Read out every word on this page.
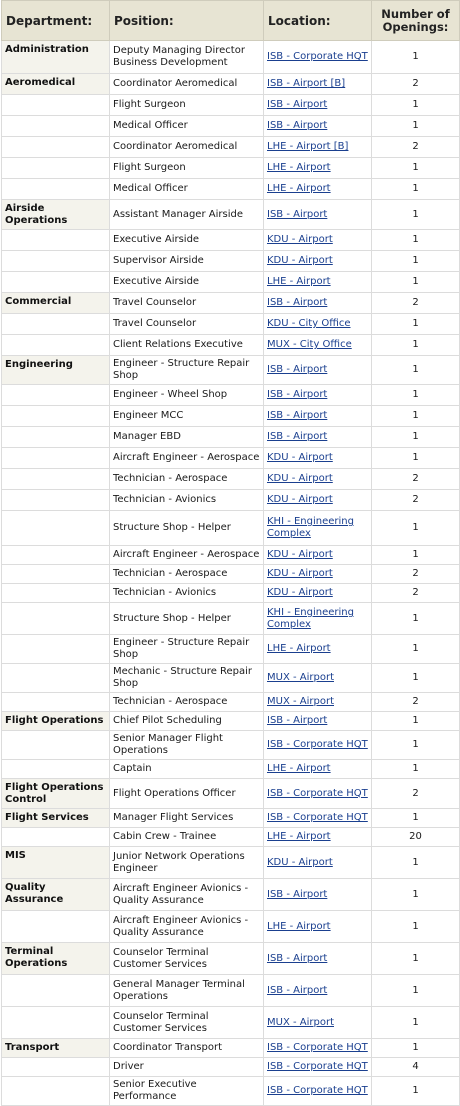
Department:	Position:	Location:	Number of Openings:
Administration	Deputy Managing Director Business Development	ISB - Corporate HQT	1
Aeromedical	Coordinator Aeromedical	ISB - Airport [B]	2
	Flight Surgeon	ISB - Airport	1
	Medical Officer	ISB - Airport	1
	Coordinator Aeromedical	LHE - Airport [B]	2
	Flight Surgeon	LHE - Airport	1
	Medical Officer	LHE - Airport	1
Airside Operations	Assistant Manager Airside	ISB - Airport	1
	Executive Airside	KDU - Airport	1
	Supervisor Airside	KDU - Airport	1
	Executive Airside	LHE - Airport	1
Commercial	Travel Counselor	ISB - Airport	2
	Travel Counselor	KDU - City Office	1
	Client Relations Executive	MUX - City Office	1
Engineering	Engineer - Structure Repair Shop	ISB - Airport	1
	Engineer - Wheel Shop	ISB - Airport	1
	Engineer MCC	ISB - Airport	1
	Manager EBD	ISB - Airport	1
	Aircraft Engineer - Aerospace	KDU - Airport	1
	Technician - Aerospace	KDU - Airport	2
	Technician - Avionics	KDU - Airport	2
	Structure Shop - Helper	KHI - Engineering Complex	1
	Aircraft Engineer - Aerospace	KDU - Airport	1
	Technician - Aerospace	KDU - Airport	2
	Technician - Avionics	KDU - Airport	2
	Structure Shop - Helper	KHI - Engineering Complex	1
	Engineer - Structure Repair Shop	LHE - Airport	1
	Mechanic - Structure Repair Shop	MUX - Airport	1
	Technician - Aerospace	MUX - Airport	2
Flight Operations	Chief Pilot Scheduling	ISB - Airport	1
	Senior Manager Flight Operations	ISB - Corporate HQT	1
	Captain	LHE - Airport	1
Flight Operations Control	Flight Operations Officer	ISB - Corporate HQT	2
Flight Services	Manager Flight Services	ISB - Corporate HQT	1
	Cabin Crew - Trainee	LHE - Airport	20
MIS	Junior Network Operations Engineer	KDU - Airport	1
Quality Assurance	Aircraft Engineer Avionics - Quality Assurance	ISB - Airport	1
	Aircraft Engineer Avionics - Quality Assurance	LHE - Airport	1
Terminal Operations	Counselor Terminal Customer Services	ISB - Airport	1
	General Manager Terminal Operations	ISB - Airport	1
	Counselor Terminal Customer Services	MUX - Airport	1
Transport	Coordinator Transport	ISB - Corporate HQT	1
	Driver	ISB - Corporate HQT	4
	Senior Executive Performance	ISB - Corporate HQT	1
